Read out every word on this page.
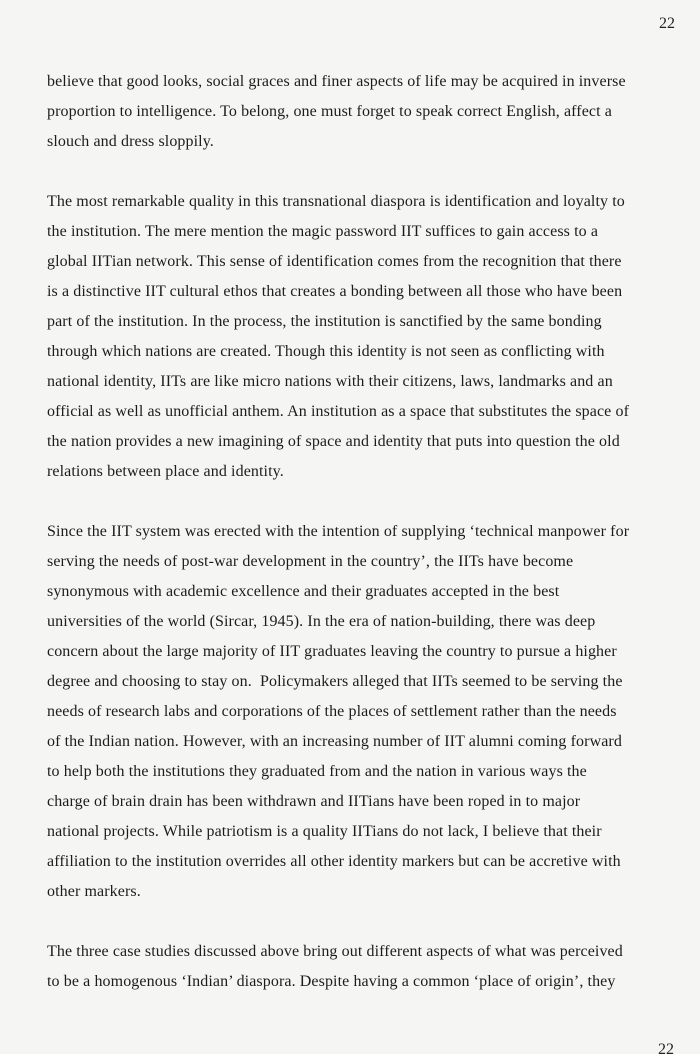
22
believe that good looks, social graces and finer aspects of life may be acquired in inverse
proportion to intelligence. To belong, one must forget to speak correct English, affect a
slouch and dress sloppily.
The most remarkable quality in this transnational diaspora is identification and loyalty to
the institution. The mere mention the magic password IIT suffices to gain access to a
global IITian network. This sense of identification comes from the recognition that there
is a distinctive IIT cultural ethos that creates a bonding between all those who have been
part of the institution. In the process, the institution is sanctified by the same bonding
through which nations are created. Though this identity is not seen as conflicting with
national identity, IITs are like micro nations with their citizens, laws, landmarks and an
official as well as unofficial anthem. An institution as a space that substitutes the space of
the nation provides a new imagining of space and identity that puts into question the old
relations between place and identity.
Since the IIT system was erected with the intention of supplying ‘technical manpower for
serving the needs of post-war development in the country’, the IITs have become
synonymous with academic excellence and their graduates accepted in the best
universities of the world (Sircar, 1945). In the era of nation-building, there was deep
concern about the large majority of IIT graduates leaving the country to pursue a higher
degree and choosing to stay on.  Policymakers alleged that IITs seemed to be serving the
needs of research labs and corporations of the places of settlement rather than the needs
of the Indian nation. However, with an increasing number of IIT alumni coming forward
to help both the institutions they graduated from and the nation in various ways the
charge of brain drain has been withdrawn and IITians have been roped in to major
national projects. While patriotism is a quality IITians do not lack, I believe that their
affiliation to the institution overrides all other identity markers but can be accretive with
other markers.
The three case studies discussed above bring out different aspects of what was perceived
to be a homogenous ‘Indian’ diaspora. Despite having a common ‘place of origin’, they
22
